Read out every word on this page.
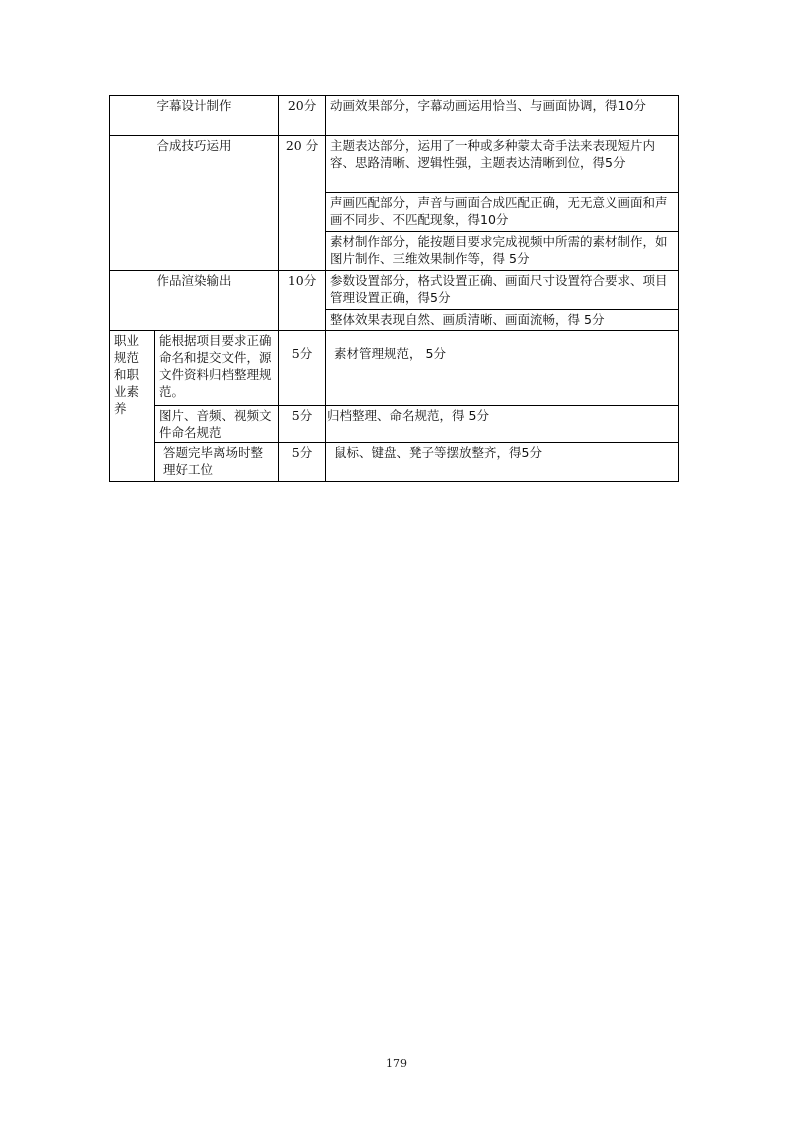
字幕设计制作		20分	动画效果部分，字幕动画运用恰当、与画面协调，得10分
合成技巧运用		20 分	主题表达部分，运用了一种或多种蒙太奇手法来表现短片内容、思路清晰、逻辑性强，主题表达清晰到位，得5分
			声画匹配部分，声音与画面合成匹配正确，无无意义画面和声画不同步、不匹配现象，得10分
			素材制作部分，能按题目要求完成视频中所需的素材制作，如图片制作、三维效果制作等，得 5分
作品渲染输出		10分	参数设置部分，格式设置正确、画面尺寸设置符合要求、项目管理设置正确，得5分
			整体效果表现自然、画质清晰、画面流畅，得 5分
职业规范和职业素养	能根据项目要求正确命名和提交文件，源文件资料归档整理规范。	5分	素材管理规范， 5分
	图片、音频、视频文件命名规范	5分	归档整理、命名规范，得 5分
	答题完毕离场时整理好工位	5分	鼠标、键盘、凳子等摆放整齐，得5分
179
